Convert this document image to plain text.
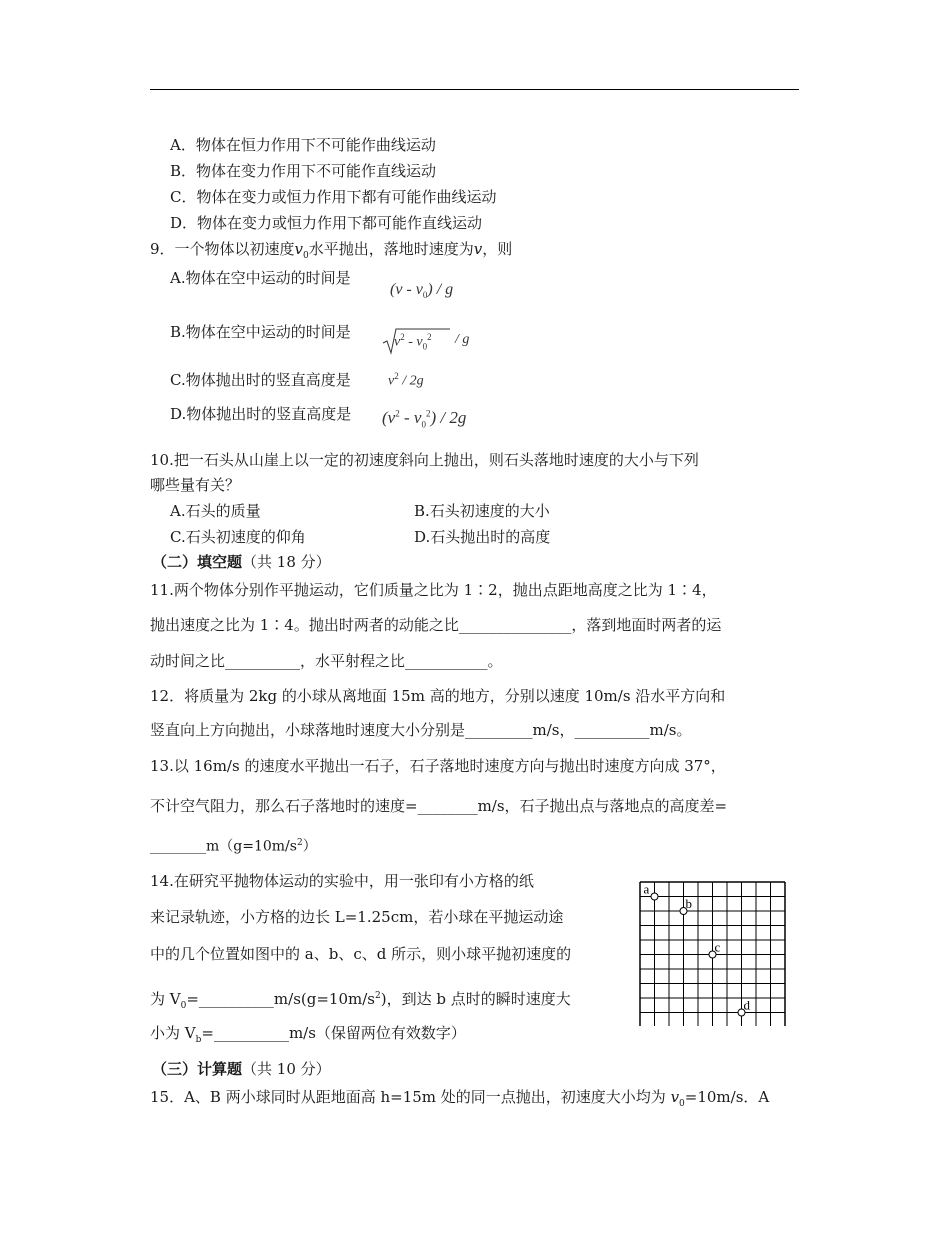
A．物体在恒力作用下不可能作曲线运动
B．物体在变力作用下不可能作直线运动
C．物体在变力或恒力作用下都有可能作曲线运动
D．物体在变力或恒力作用下都可能作直线运动
9．一个物体以初速度$v_0$水平抛出，落地时速度为v，则
A.物体在空中运动的时间是
$(v - v_0)$ / g
B.物体在空中运动的时间是
$v^2 - v_0^2$ / g
C.物体抛出时的竖直高度是	$v^2 / 2g$
D.物体抛出时的竖直高度是 $(v^2 - v_0^2) / 2g$
10.把一石头从山崖上以一定的初速度斜向上抛出，则石头落地时速度的大小与下列
哪些量有关？
A.石头的质量	B.石头初速度的大小
C.石头初速度的仰角	D.石头抛出时的高度
（二）填空题（共 18 分）
11.两个物体分别作平抛运动，它们质量之比为 1∶2，抛出点距地高度之比为 1∶4，
抛出速度之比为 1∶4。抛出时两者的动能之比_______________，落到地面时两者的运
动时间之比__________，水平射程之比___________。
12．将质量为 2kg 的小球从离地面 15m 高的地方，分别以速度 10m/s 沿水平方向和
竖直向上方向抛出，小球落地时速度大小分别是_________m/s，__________m/s。
13.以 16m/s 的速度水平抛出一石子，石子落地时速度方向与抛出时速度方向成 37°，
不计空气阻力，那么石子落地时的速度=________m/s，石子抛出点与落地点的高度差=
$\_\_\_\_\_\_\_\_m(g=10m/s^2)$
14.在研究平抛物体运动的实验中，用一张印有小方格的纸
来记录轨迹，小方格的边长 L=1.25cm，若小球在平抛运动途
中的几个位置如图中的 a、b、c、d 所示，则小球平抛初速度的
为 $V_0=\_\_\_\_\_\_\_\_\_\_m/s(g=10m/s^2)$，到达 b 点时的瞬时速度大
小为 $V_b=\_\_\_\_\_\_\_\_\_\_m/s$（保留两位有效数字）
a
b
c
d
（三）计算题（共 10 分）
15．A、B 两小球同时从距地面高 h=15m 处的同一点抛出，初速度大小均为 $v_0=10m/s$．A
